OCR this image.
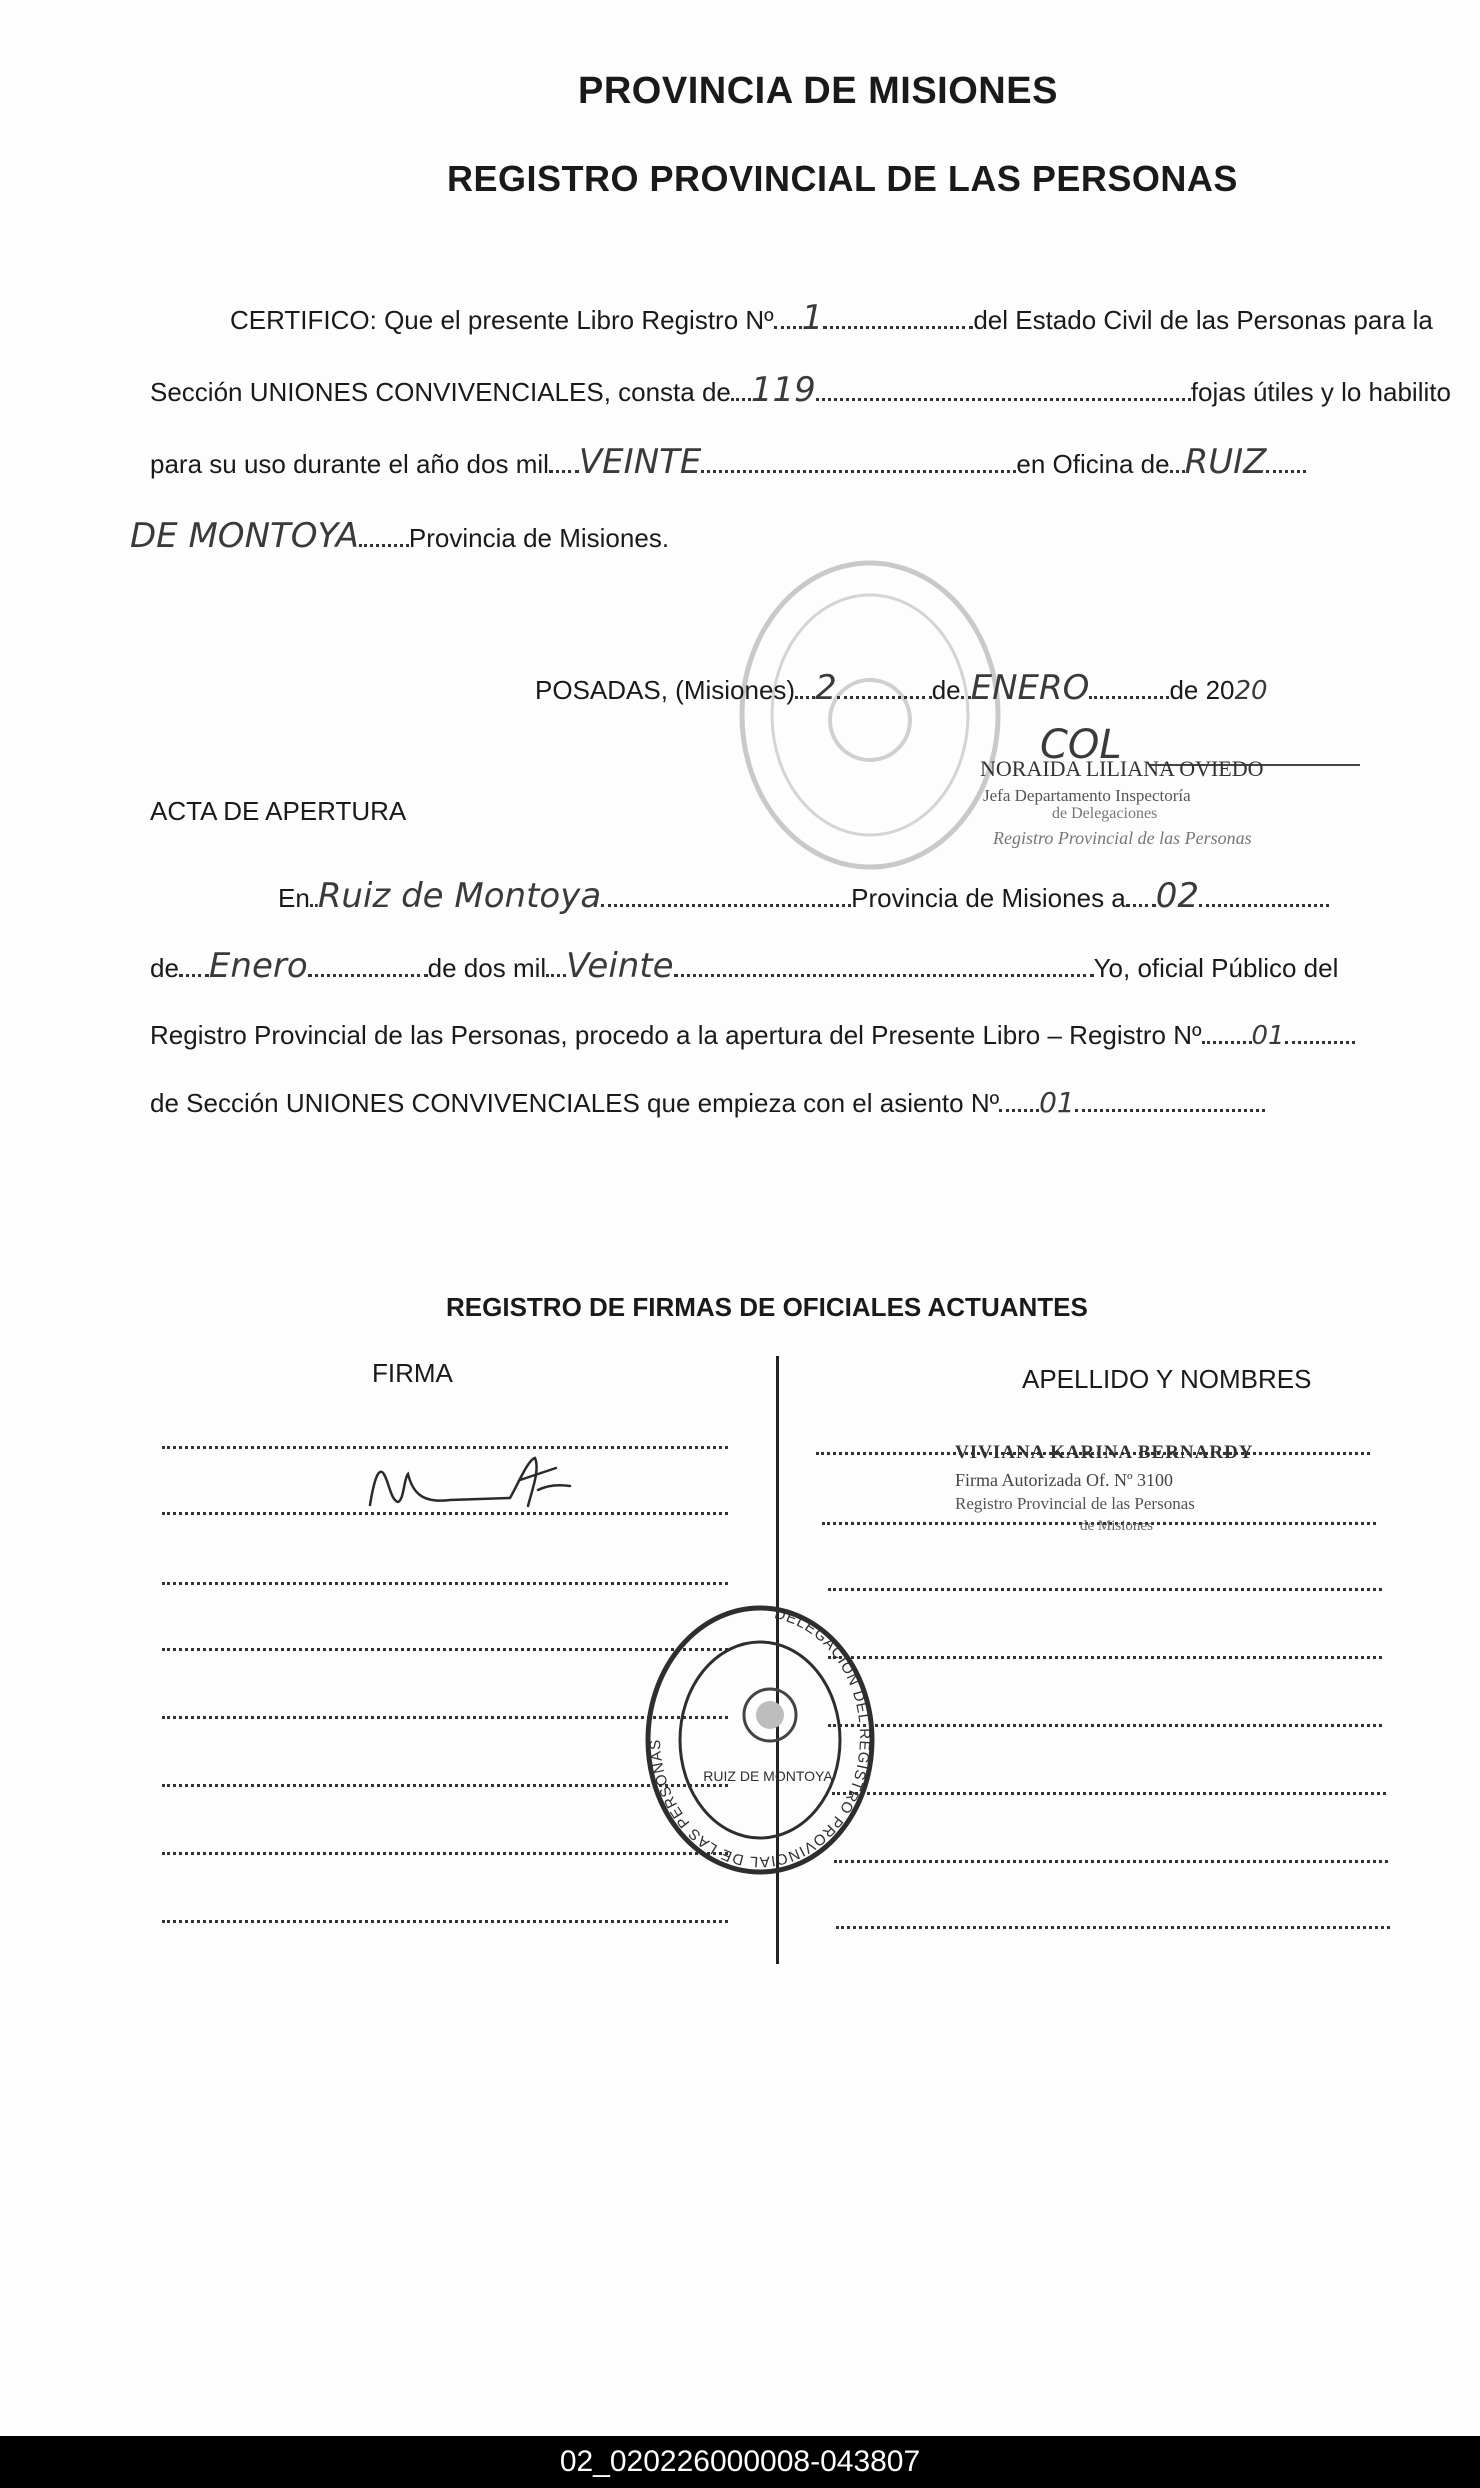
PROVINCIA DE MISIONES
REGISTRO PROVINCIAL DE LAS PERSONAS
CERTIFICO: Que el presente Libro Registro Nº 1	del Estado Civil de las Personas para la
Sección UNIONES CONVIVENCIALES, consta de 119	fojas útiles y lo habilito
para su uso durante el año dos mil VEINTE	en Oficina de RUIZ
DE MONTOYA Provincia de Misiones.
POSADAS, (Misiones) 2	de ENERO	de 2020
COL
NORAIDA LILIANA OVIEDO
Jefa Departamento Inspectoría
de Delegaciones
Registro Provincial de las Personas
ACTA DE APERTURA
En Ruiz de Montoya	Provincia de Misiones a 02
de Enero	de dos mil Veinte	Yo, oficial Público del
Registro Provincial de las Personas, procedo a la apertura del Presente Libro – Registro Nº 01
de Sección UNIONES CONVIVENCIALES que empieza con el asiento Nº 01
REGISTRO DE FIRMAS DE OFICIALES ACTUANTES
FIRMA	APELLIDO Y NOMBRES
VIVIANA KARINA BERNARDY
Firma Autorizada Of. Nº 3100
Registro Provincial de las Personas
de Misiones
DELEGACIÓN DEL REGISTRO PROVINCIAL DE LAS PERSONAS
RUIZ DE MONTOYA
02_020226000008-043807
